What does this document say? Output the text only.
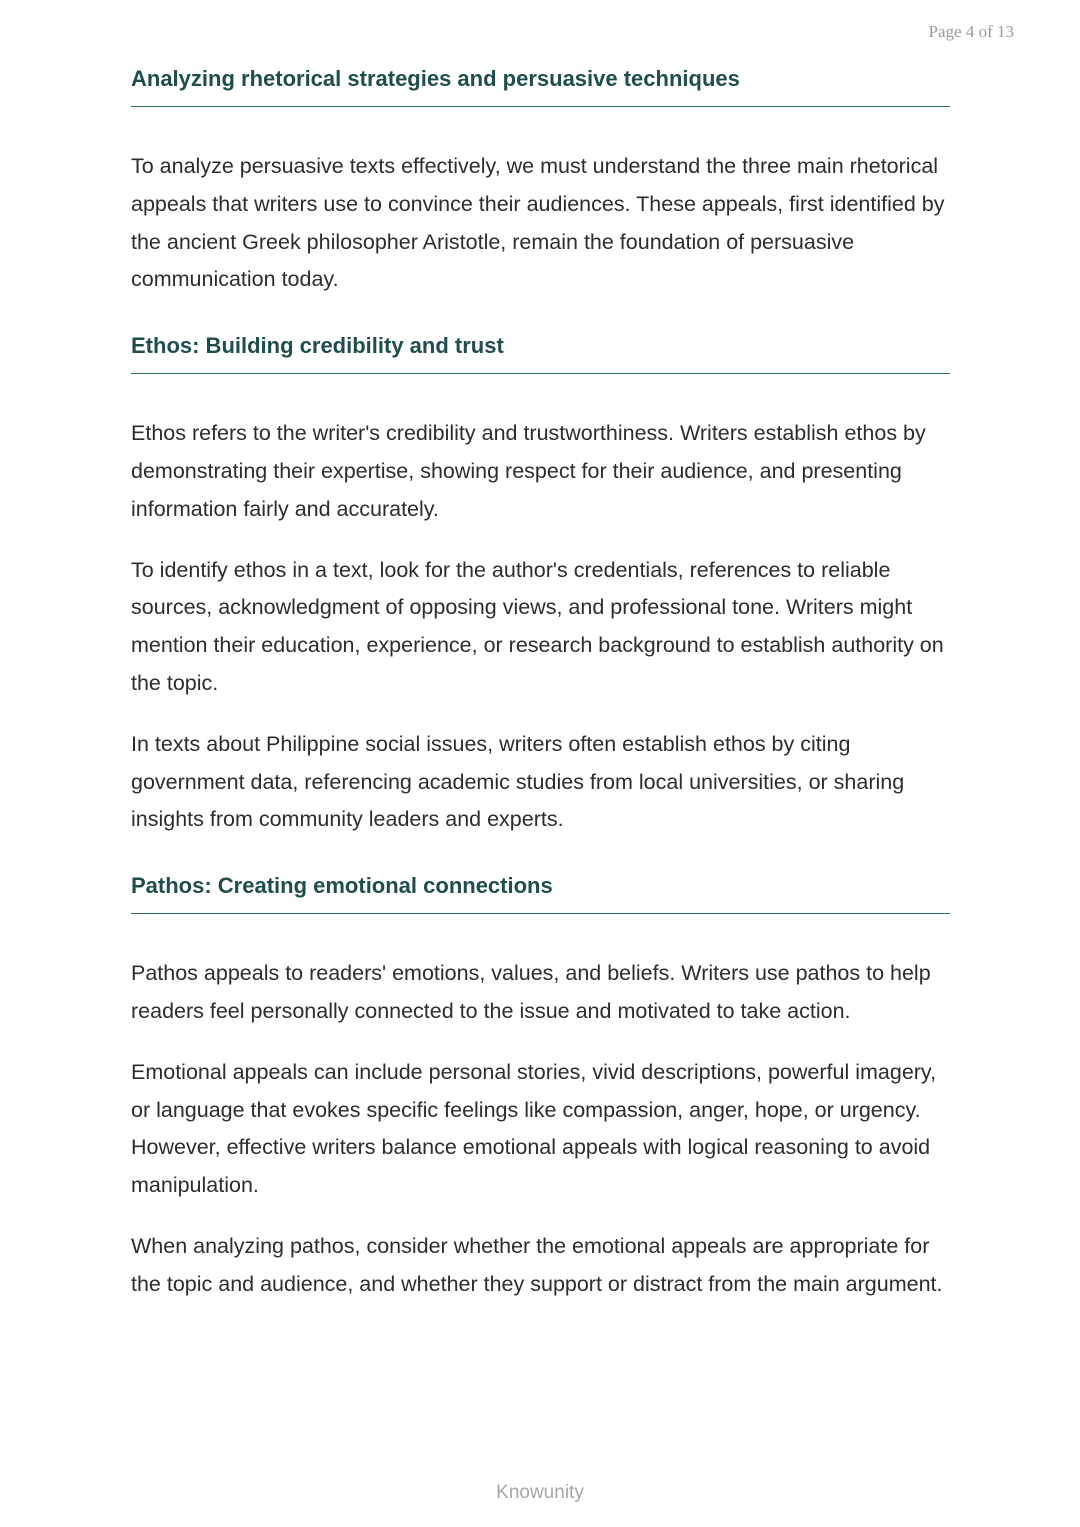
Page 4 of 13
Analyzing rhetorical strategies and persuasive techniques

To analyze persuasive texts effectively, we must understand the three main rhetorical appeals that writers use to convince their audiences. These appeals, first identified by the ancient Greek philosopher Aristotle, remain the foundation of persuasive communication today.

Ethos: Building credibility and trust

Ethos refers to the writer's credibility and trustworthiness. Writers establish ethos by demonstrating their expertise, showing respect for their audience, and presenting information fairly and accurately.

To identify ethos in a text, look for the author's credentials, references to reliable sources, acknowledgment of opposing views, and professional tone. Writers might mention their education, experience, or research background to establish authority on the topic.

In texts about Philippine social issues, writers often establish ethos by citing government data, referencing academic studies from local universities, or sharing insights from community leaders and experts.

Pathos: Creating emotional connections

Pathos appeals to readers' emotions, values, and beliefs. Writers use pathos to help readers feel personally connected to the issue and motivated to take action.

Emotional appeals can include personal stories, vivid descriptions, powerful imagery, or language that evokes specific feelings like compassion, anger, hope, or urgency. However, effective writers balance emotional appeals with logical reasoning to avoid manipulation.

When analyzing pathos, consider whether the emotional appeals are appropriate for the topic and audience, and whether they support or distract from the main argument.

Knowunity
